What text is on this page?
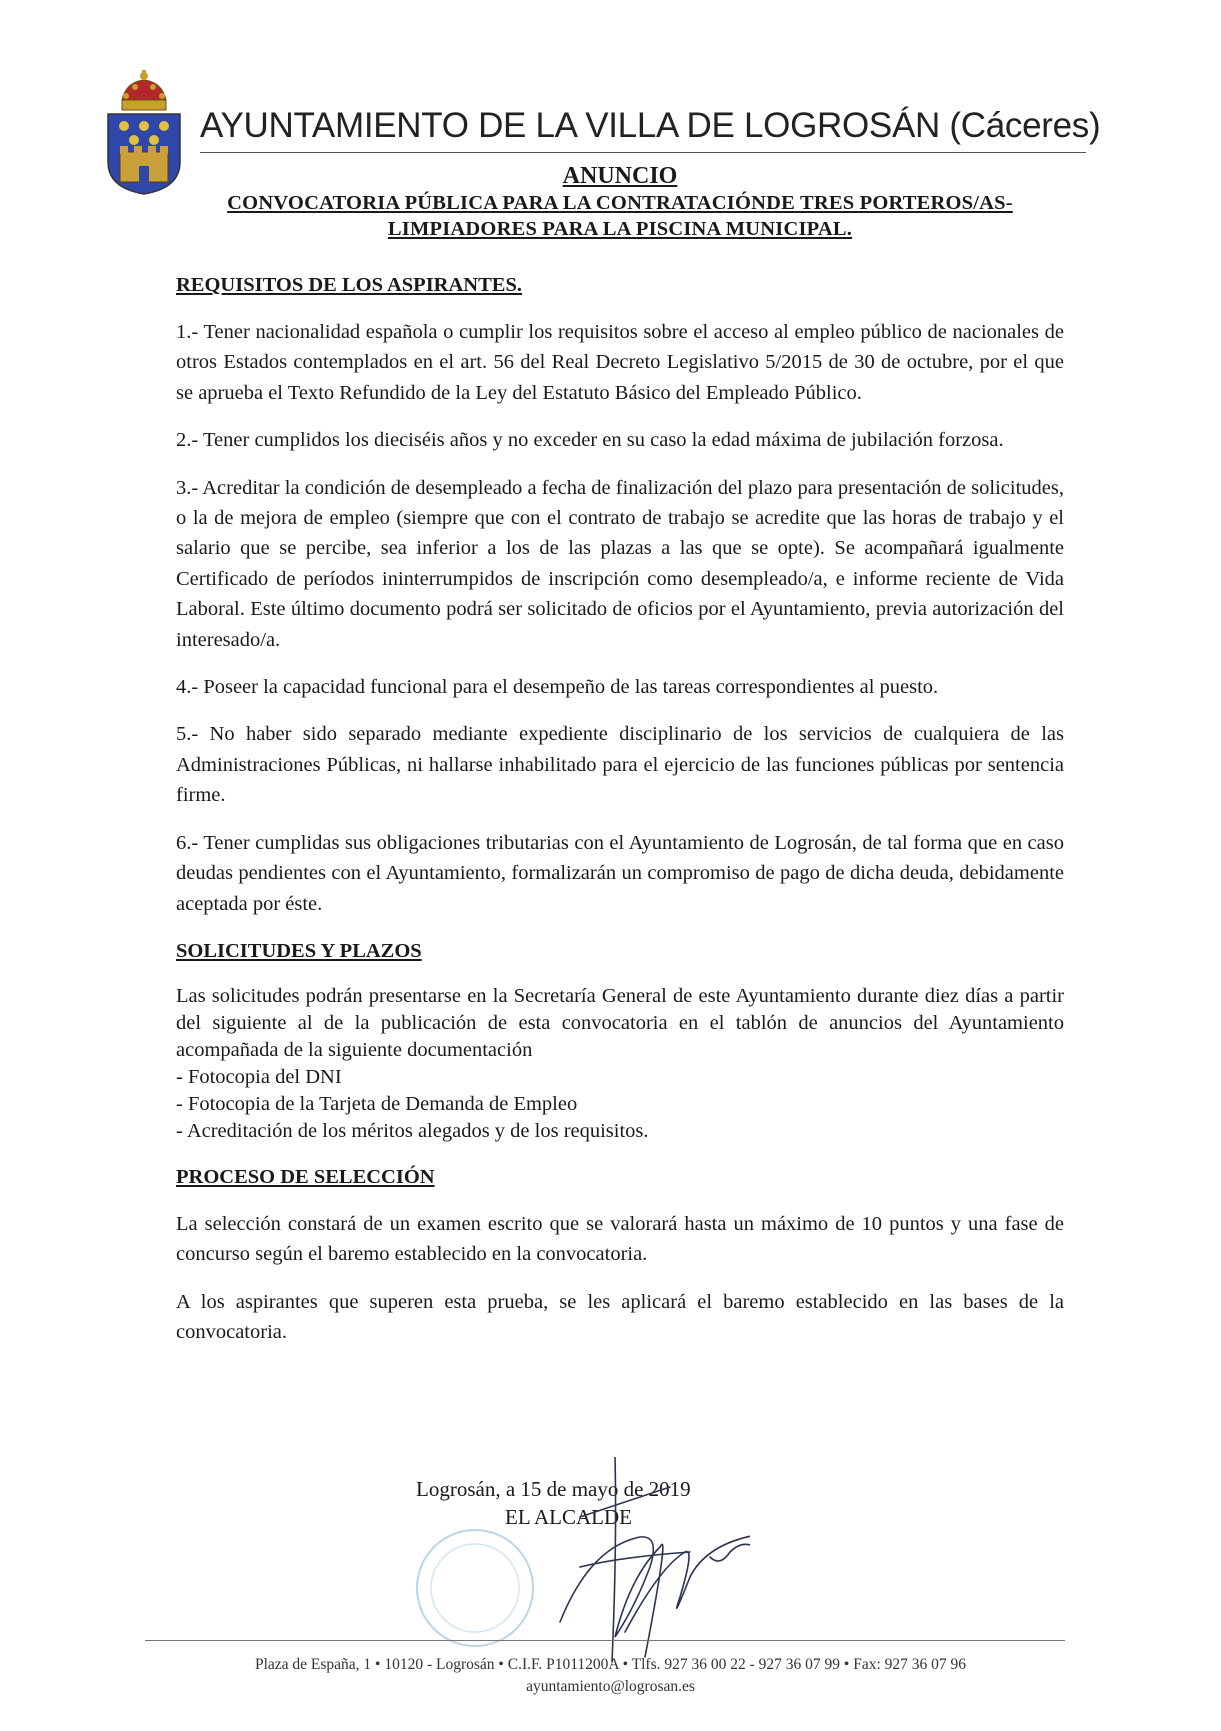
AYUNTAMIENTO DE LA VILLA DE LOGROSÁN (Cáceres)
ANUNCIO
CONVOCATORIA PÚBLICA PARA LA CONTRATACIÓNDE TRES PORTEROS/AS-
LIMPIADORES PARA LA PISCINA MUNICIPAL.
REQUISITOS DE LOS ASPIRANTES.

1.- Tener nacionalidad española o cumplir los requisitos sobre el acceso al empleo público de nacionales de otros Estados contemplados en el art. 56 del Real Decreto Legislativo 5/2015 de 30 de octubre, por el que se aprueba el Texto Refundido de la Ley del Estatuto Básico del Empleado Público.

2.- Tener cumplidos los dieciséis años y no exceder en su caso la edad máxima de jubilación forzosa.

3.- Acreditar la condición de desempleado a fecha de finalización del plazo para presentación de solicitudes, o la de mejora de empleo (siempre que con el contrato de trabajo se acredite que las horas de trabajo y el salario que se percibe, sea inferior a los de las plazas a las que se opte). Se acompañará igualmente Certificado de períodos ininterrumpidos de inscripción como desempleado/a, e informe reciente de Vida Laboral. Este último documento podrá ser solicitado de oficios por el Ayuntamiento, previa autorización del interesado/a.

4.- Poseer la capacidad funcional para el desempeño de las tareas correspondientes al puesto.

5.- No haber sido separado mediante expediente disciplinario de los servicios de cualquiera de las Administraciones Públicas, ni hallarse inhabilitado para el ejercicio de las funciones públicas por sentencia firme.

6.- Tener cumplidas sus obligaciones tributarias con el Ayuntamiento de Logrosán, de tal forma que en caso deudas pendientes con el Ayuntamiento, formalizarán un compromiso de pago de dicha deuda, debidamente aceptada por éste.

SOLICITUDES Y PLAZOS

Las solicitudes podrán presentarse en la Secretaría General de este Ayuntamiento durante diez días a partir del siguiente al de la publicación de esta convocatoria en el tablón de anuncios del Ayuntamiento acompañada de la siguiente documentación

- Fotocopia del DNI
- Fotocopia de la Tarjeta de Demanda de Empleo
- Acreditación de los méritos alegados y de los requisitos.
PROCESO DE SELECCIÓN

La selección constará de un examen escrito que se valorará hasta un máximo de 10 puntos y una fase de concurso según el baremo establecido en la convocatoria.

A los aspirantes que superen esta prueba, se les aplicará el baremo establecido en las bases de la convocatoria.

Logrosán, a 15 de mayo de 2019
EL ALCALDE
Plaza de España, 1 • 10120 - Logrosán • C.I.F. P1011200A • Tlfs. 927 36 00 22 - 927 36 07 99 • Fax: 927 36 07 96
ayuntamiento@logrosan.es
